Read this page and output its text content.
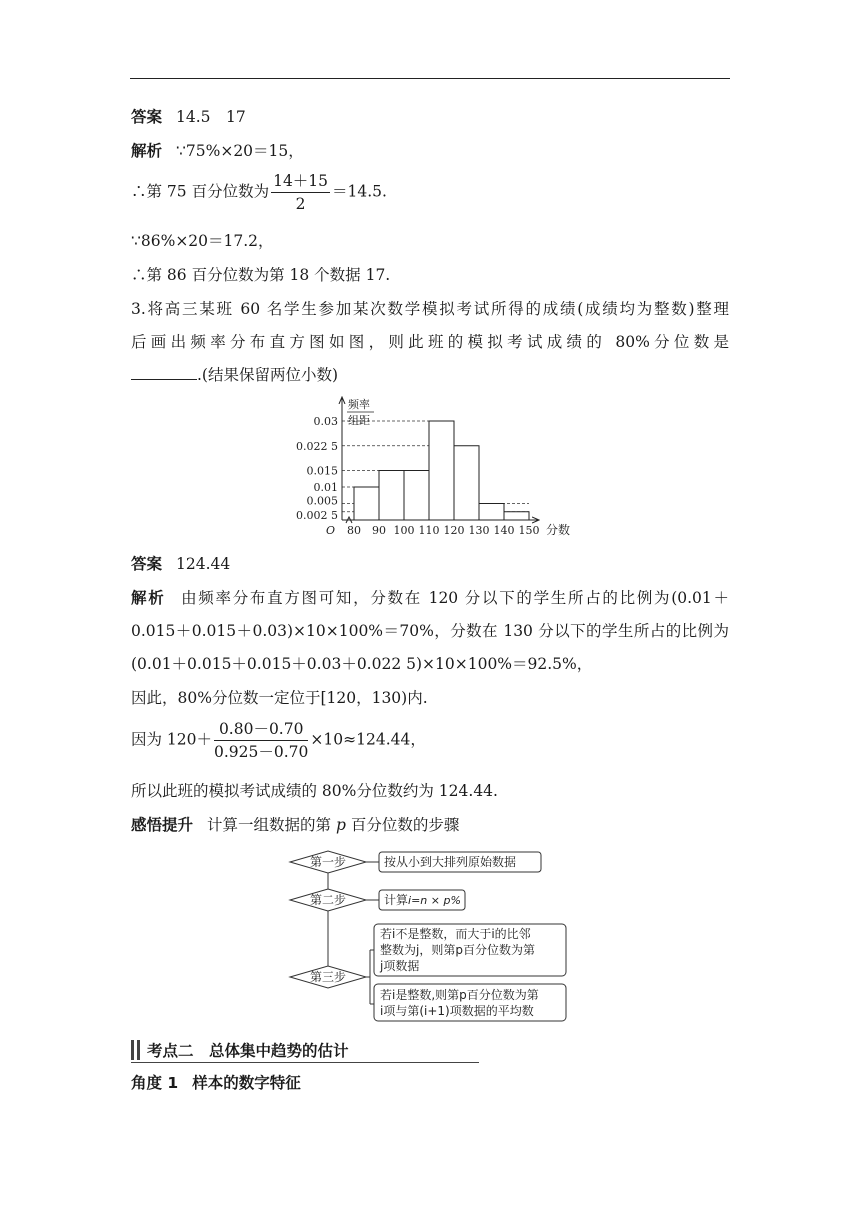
答案 14.5　17
解析 ∵75%×20＝15，
∴第 75 百分位数为 $\frac{14+15}{2} =14.5$.
∵86%×20＝17.2，
∴第 86 百分位数为第 18 个数据 17.
3.将高三某班 60 名学生参加某次数学模拟考试所得的成绩(成绩均为整数)整理
后画出频率分布直方图如图，则此班的模拟考试成绩的 80%分位数是
.(结果保留两位小数)
0.002 5
0.005
0.01
0.015
0.022 5
0.03
80 90 100 110 120 130 140 150
O	分数
频率
组距
答案 124.44
解析 由频率分布直方图可知，分数在 120 分以下的学生所占的比例为(0.01＋
0.015＋0.015＋0.03)×10×100%＝70%，分数在 130 分以下的学生所占的比例为
(0.01＋0.015＋0.015＋0.03＋0.022 5)×10×100%＝92.5%，
因此，80%分位数一定位于[120，130)内.
因为 $120+ \frac{0.80-0.70}{0.925-0.70} \times 10\approx 124.44$，
所以此班的模拟考试成绩的 80%分位数约为 124.44.
感悟提升 计算一组数据的第 p 百分位数的步骤
第一步
第二步
第三步
按从小到大排列原始数据
计算i=n × p%
若i不是整数，而大于i的比邻
整数为j，则第p百分位数为第
j项数据
若i是整数,则第p百分位数为第
i项与第(i+1)项数据的平均数
考点二　总体集中趋势的估计
角度 1 样本的数字特征
